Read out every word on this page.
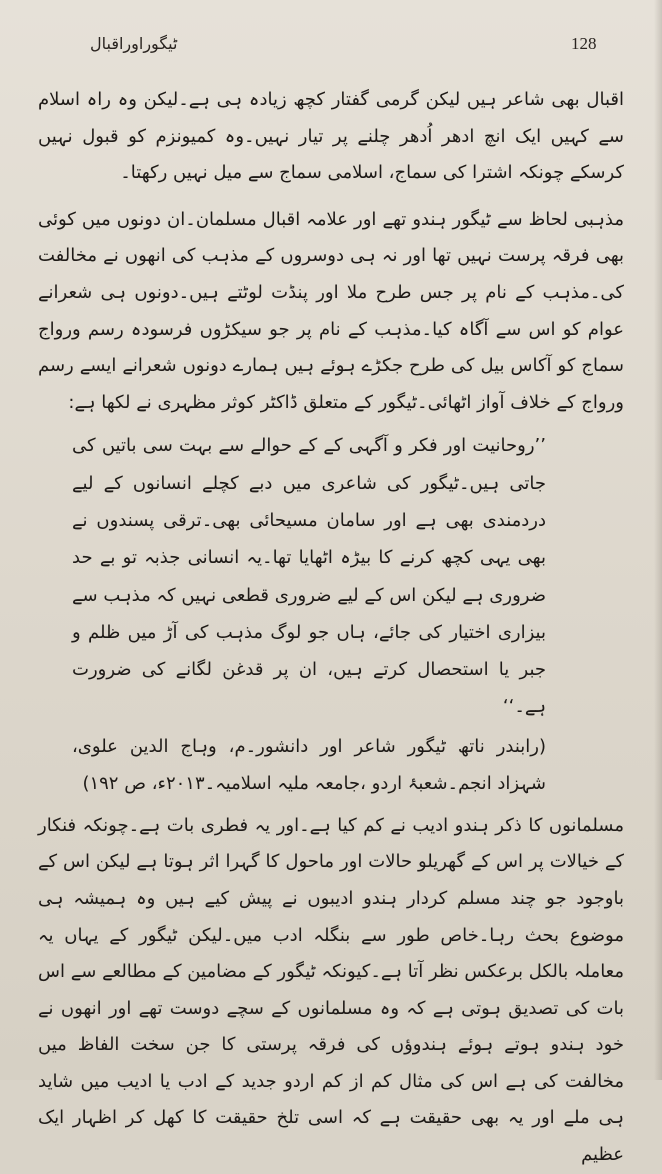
ٹیگوراوراقبال	128

اقبال بھی شاعر ہیں لیکن گرمی گفتار کچھ زیادہ ہی ہے۔لیکن وہ راہ اسلام سے کہیں ایک انچ ادھر اُدھر چلنے پر تیار نہیں۔وہ کمیونزم کو قبول نہیں کرسکے چونکہ اشترا کی سماج، اسلامی سماج سے میل نہیں رکھتا۔

مذہبی لحاظ سے ٹیگور ہندو تھے اور علامہ اقبال مسلمان۔ان دونوں میں کوئی بھی فرقہ پرست نہیں تھا اور نہ ہی دوسروں کے مذہب کی انھوں نے مخالفت کی۔مذہب کے نام پر جس طرح ملا اور پنڈت لوٹتے ہیں۔دونوں ہی شعرانے عوام کو اس سے آگاہ کیا۔مذہب کے نام پر جو سیکڑوں فرسودہ رسم ورواج سماج کو آکاس بیل کی طرح جکڑے ہوئے ہیں ہمارے دونوں شعرانے ایسے رسم ورواج کے خلاف آواز اٹھائی۔ٹیگور کے متعلق ڈاکٹر کوثر مظہری نے لکھا ہے:

’’روحانیت اور فکر و آگہی کے کے حوالے سے بہت سی باتیں کی جاتی ہیں۔ٹیگور کی شاعری میں دبے کچلے انسانوں کے لیے دردمندی بھی ہے اور سامان مسیحائی بھی۔ترقی پسندوں نے بھی یہی کچھ کرنے کا بیڑہ اٹھایا تھا۔یہ انسانی جذبہ تو بے حد ضروری ہے لیکن اس کے لیے ضروری قطعی نہیں کہ مذہب سے بیزاری اختیار کی جائے، ہاں جو لوگ مذہب کی آڑ میں ظلم و جبر یا استحصال کرتے ہیں، ان پر قدغن لگانے کی ضرورت ہے۔‘‘

(رابندر ناتھ ٹیگور شاعر اور دانشور۔م، وہاج الدین علوی، شہزاد انجم۔شعبۂ اردو ،جامعہ ملیہ اسلامیہ۔۲۰۱۳ء، ص ۱۹۲)

مسلمانوں کا ذکر ہندو ادیب نے کم کیا ہے۔اور یہ فطری بات ہے۔چونکہ فنکار کے خیالات پر اس کے گھریلو حالات اور ماحول کا گہرا اثر ہوتا ہے لیکن اس کے باوجود جو چند مسلم کردار ہندو ادیبوں نے پیش کیے ہیں وہ ہمیشہ ہی موضوع بحث رہا۔خاص طور سے بنگلہ ادب میں۔لیکن ٹیگور کے یہاں یہ معاملہ بالکل برعکس نظر آتا ہے۔کیونکہ ٹیگور کے مضامین کے مطالعے سے اس بات کی تصدیق ہوتی ہے کہ وہ مسلمانوں کے سچے دوست تھے اور انھوں نے خود ہندو ہوتے ہوئے ہندوؤں کی فرقہ پرستی کا جن سخت الفاظ میں مخالفت کی ہے اس کی مثال کم از کم اردو جدید کے ادب یا ادیب میں شاید ہی ملے اور یہ بھی حقیقت ہے کہ اسی تلخ حقیقت کا کھل کر اظہار ایک عظیم
